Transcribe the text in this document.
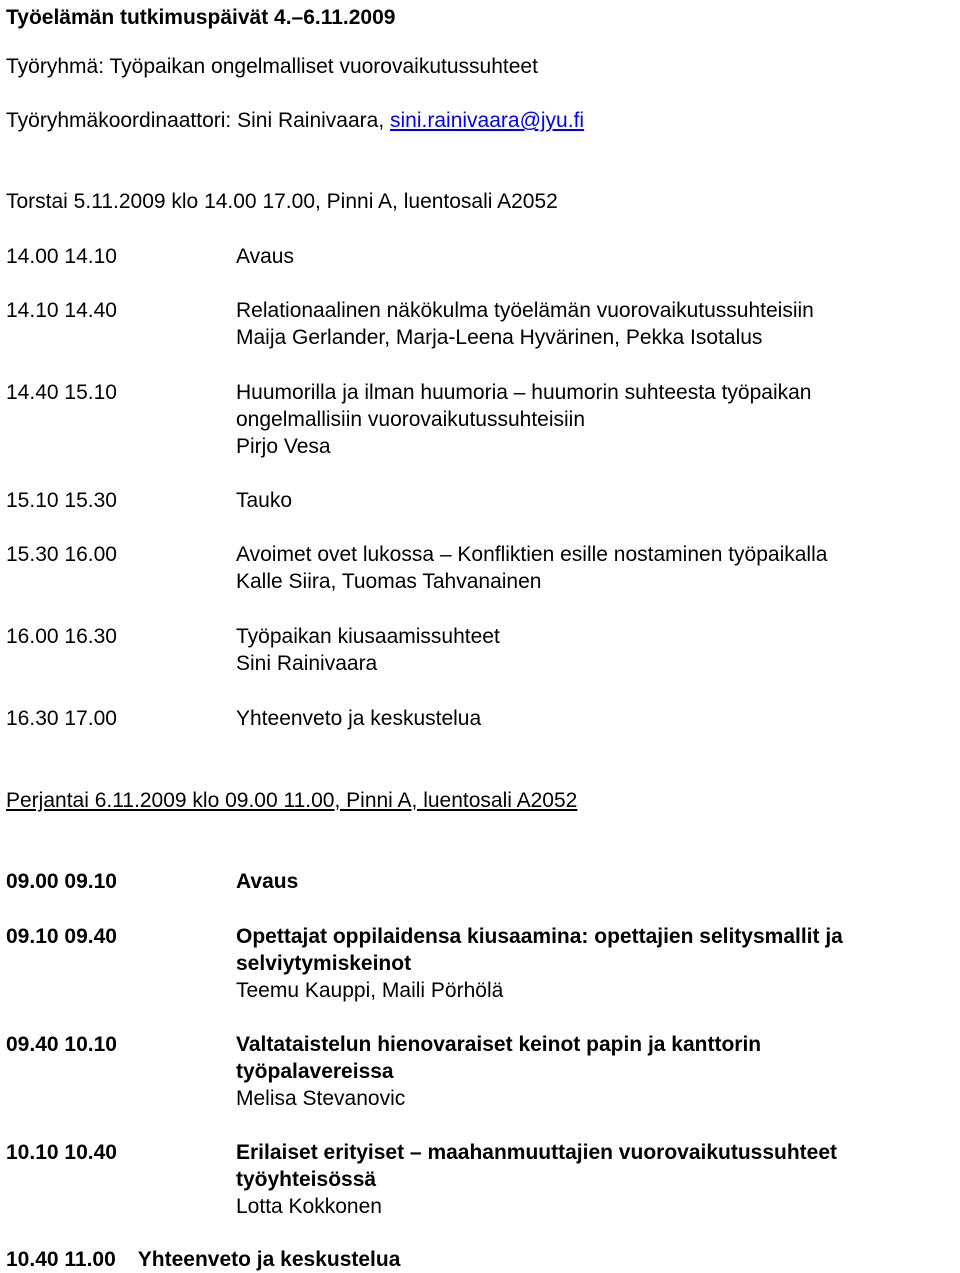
Työelämän tutkimuspäivät 4.–6.11.2009
Työryhmä: Työpaikan ongelmalliset vuorovaikutussuhteet
Työryhmäkoordinaattori: Sini Rainivaara, sini.rainivaara@jyu.fi
Torstai 5.11.2009 klo 14.00 17.00, Pinni A, luentosali A2052
14.00 14.10	Avaus
14.10 14.40	Relationaalinen näkökulma työelämän vuorovaikutussuhteisiin
Maija Gerlander, Marja-Leena Hyvärinen, Pekka Isotalus
14.40 15.10	Huumorilla ja ilman huumoria – huumorin suhteesta työpaikan
ongelmallisiin vuorovaikutussuhteisiin
Pirjo Vesa
15.10 15.30	Tauko
15.30 16.00	Avoimet ovet lukossa – Konfliktien esille nostaminen työpaikalla
Kalle Siira, Tuomas Tahvanainen
16.00 16.30	Työpaikan kiusaamissuhteet
Sini Rainivaara
16.30 17.00	Yhteenveto ja keskustelua
Perjantai 6.11.2009 klo 09.00 11.00, Pinni A, luentosali A2052
09.00 09.10	Avaus
09.10 09.40	Opettajat oppilaidensa kiusaamina: opettajien selitysmallit ja
selviytymiskeinot
Teemu Kauppi, Maili Pörhölä
09.40 10.10	Valtataistelun hienovaraiset keinot papin ja kanttorin
työpalavereissa
Melisa Stevanovic
10.10 10.40	Erilaiset erityiset – maahanmuuttajien vuorovaikutussuhteet
työyhteisössä
Lotta Kokkonen
10.40 11.00 Yhteenveto ja keskustelua
